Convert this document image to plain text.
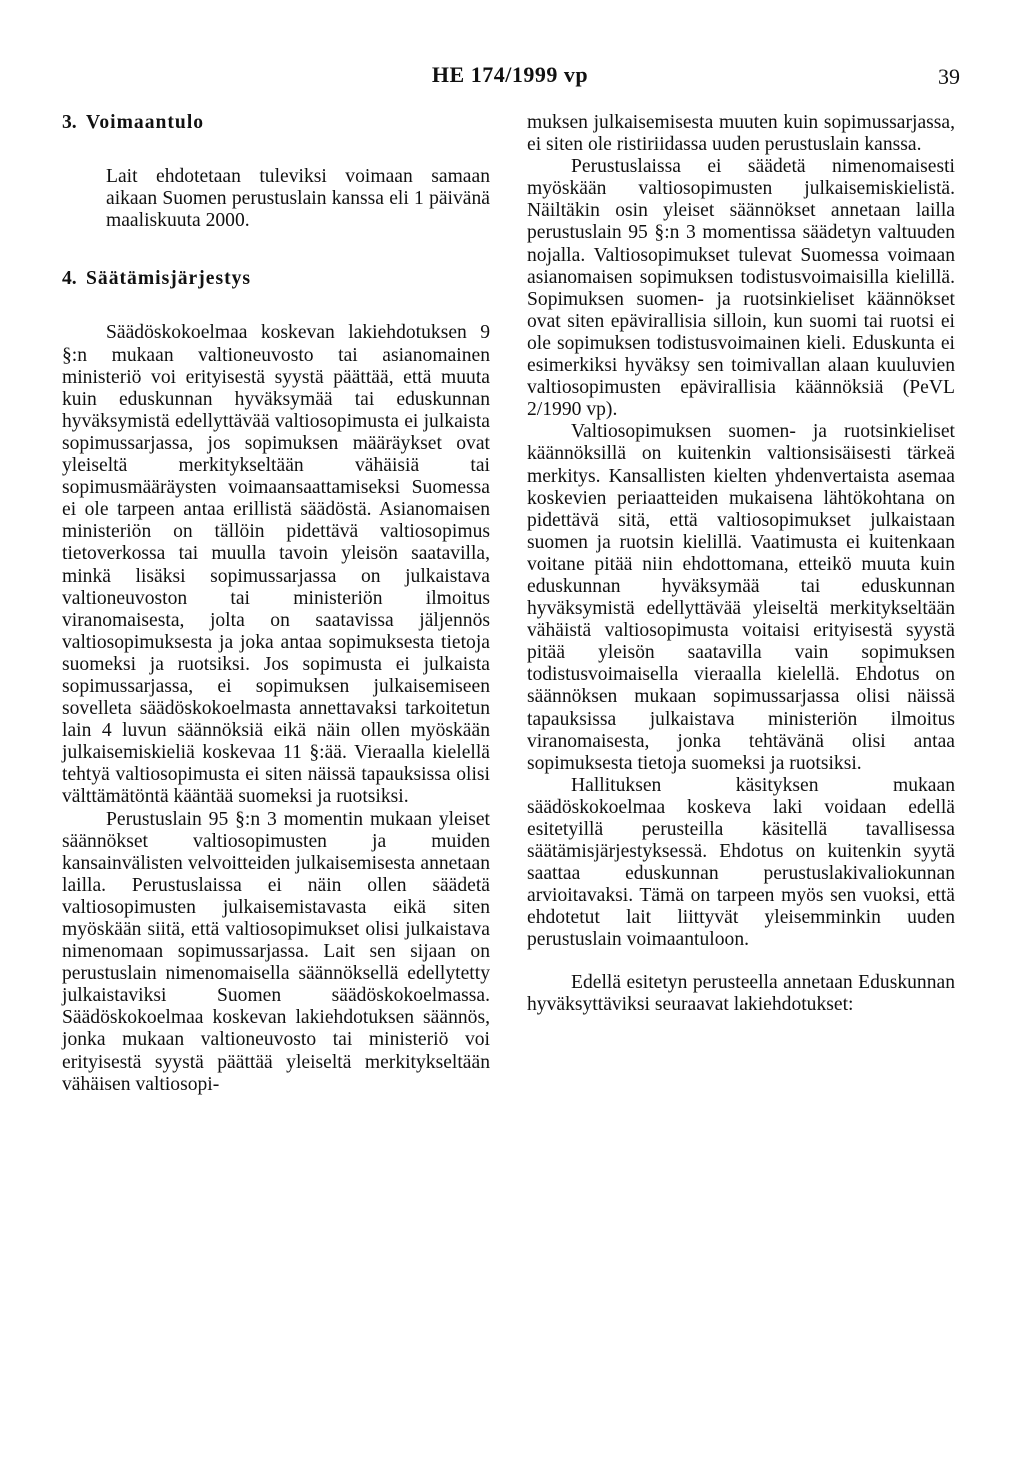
HE 174/1999 vp	39
3. Voimaantulo

Lait ehdotetaan tuleviksi voimaan samaan aikaan Suomen perustuslain kanssa eli 1 päivänä maaliskuuta 2000.

4. Säätämisjärjestys

Säädöskokoelmaa koskevan lakiehdotuksen 9 §:n mukaan valtioneuvosto tai asianomainen ministeriö voi erityisestä syystä päättää, että muuta kuin eduskunnan hyväksymää tai eduskunnan hyväksymistä edellyttävää valtiosopimusta ei julkaista sopimussarjassa, jos sopimuksen määräykset ovat yleiseltä merkitykseltään vähäisiä tai sopimusmääräysten voimaansaattamiseksi Suomessa ei ole tarpeen antaa erillistä säädöstä. Asianomaisen ministeriön on tällöin pidettävä valtiosopimus tietoverkossa tai muulla tavoin yleisön saatavilla, minkä lisäksi sopimussarjassa on julkaistava valtioneuvoston tai ministeriön ilmoitus viranomaisesta, jolta on saatavissa jäljennös valtiosopimuksesta ja joka antaa sopimuksesta tietoja suomeksi ja ruotsiksi. Jos sopimusta ei julkaista sopimussarjassa, ei sopimuksen julkaisemiseen sovelleta säädöskokoelmasta annettavaksi tarkoitetun lain 4 luvun säännöksiä eikä näin ollen myöskään julkaisemiskieliä koskevaa 11 §:ää. Vieraalla kielellä tehtyä valtiosopimusta ei siten näissä tapauksissa olisi välttämätöntä kääntää suomeksi ja ruotsiksi.

Perustuslain 95 §:n 3 momentin mukaan yleiset säännökset valtiosopimusten ja muiden kansainvälisten velvoitteiden julkaisemisesta annetaan lailla. Perustuslaissa ei näin ollen säädetä valtiosopimusten julkaisemistavasta eikä siten myöskään siitä, että valtiosopimukset olisi julkaistava nimenomaan sopimussarjassa. Lait sen sijaan on perustuslain nimenomaisella säännöksellä edellytetty julkaistaviksi Suomen säädöskokoelmassa. Säädöskokoelmaa koskevan lakiehdotuksen säännös, jonka mukaan valtioneuvosto tai ministeriö voi erityisestä syystä päättää yleiseltä merkitykseltään vähäisen valtiosopi-

muksen julkaisemisesta muuten kuin sopimussarjassa, ei siten ole ristiriidassa uuden perustuslain kanssa.

Perustuslaissa ei säädetä nimenomaisesti myöskään valtiosopimusten julkaisemiskielistä. Näiltäkin osin yleiset säännökset annetaan lailla perustuslain 95 §:n 3 momentissa säädetyn valtuuden nojalla. Valtiosopimukset tulevat Suomessa voimaan asianomaisen sopimuksen todistusvoimaisilla kielillä. Sopimuksen suomen- ja ruotsinkieliset käännökset ovat siten epävirallisia silloin, kun suomi tai ruotsi ei ole sopimuksen todistusvoimainen kieli. Eduskunta ei esimerkiksi hyväksy sen toimivallan alaan kuuluvien valtiosopimusten epävirallisia käännöksiä (PeVL 2/1990 vp).

Valtiosopimuksen suomen- ja ruotsinkieliset käännöksillä on kuitenkin valtionsisäisesti tärkeä merkitys. Kansallisten kielten yhdenvertaista asemaa koskevien periaatteiden mukaisena lähtökohtana on pidettävä sitä, että valtiosopimukset julkaistaan suomen ja ruotsin kielillä. Vaatimusta ei kuitenkaan voitane pitää niin ehdottomana, etteikö muuta kuin eduskunnan hyväksymää tai eduskunnan hyväksymistä edellyttävää yleiseltä merkitykseltään vähäistä valtiosopimusta voitaisi erityisestä syystä pitää yleisön saatavilla vain sopimuksen todistusvoimaisella vieraalla kielellä. Ehdotus on säännöksen mukaan sopimussarjassa olisi näissä tapauksissa julkaistava ministeriön ilmoitus viranomaisesta, jonka tehtävänä olisi antaa sopimuksesta tietoja suomeksi ja ruotsiksi.

Hallituksen käsityksen mukaan säädöskokoelmaa koskeva laki voidaan edellä esitetyillä perusteilla käsitellä tavallisessa säätämisjärjestyksessä. Ehdotus on kuitenkin syytä saattaa eduskunnan perustuslakivaliokunnan arvioitavaksi. Tämä on tarpeen myös sen vuoksi, että ehdotetut lait liittyvät yleisemminkin uuden perustuslain voimaantuloon.

Edellä esitetyn perusteella annetaan Eduskunnan hyväksyttäviksi seuraavat lakiehdotukset:
